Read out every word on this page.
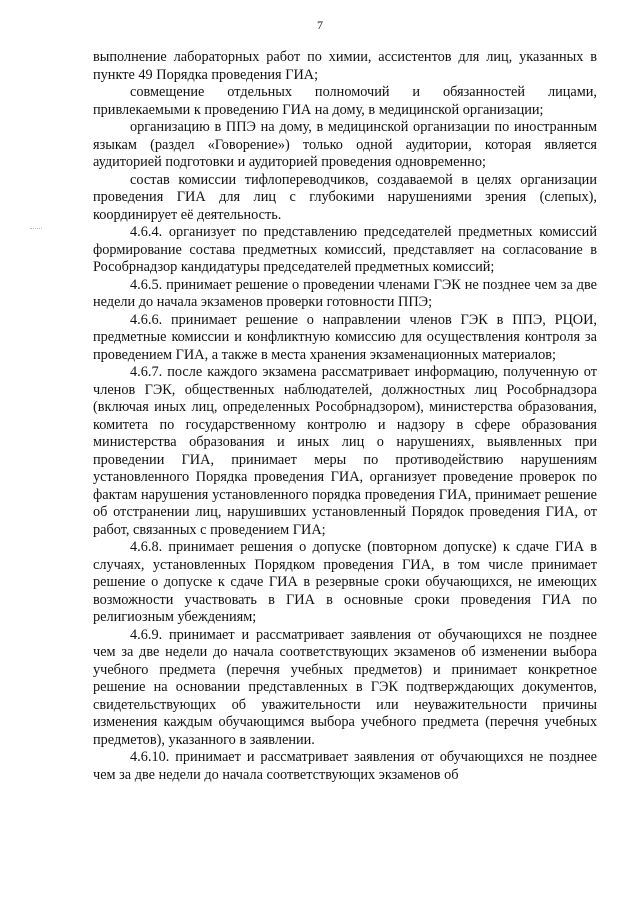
7

выполнение лабораторных работ по химии, ассистентов для лиц, указанных в пункте 49 Порядка проведения ГИА;

совмещение отдельных полномочий и обязанностей лицами, привлекаемыми к проведению ГИА на дому, в медицинской организации;

организацию в ППЭ на дому, в медицинской организации по иностранным языкам (раздел «Говорение») только одной аудитории, которая является аудиторией подготовки и аудиторией проведения одновременно;

состав комиссии тифлопереводчиков, создаваемой в целях организации проведения ГИА для лиц с глубокими нарушениями зрения (слепых), координирует её деятельность.

4.6.4. организует по представлению председателей предметных комиссий формирование состава предметных комиссий, представляет на согласование в Рособрнадзор кандидатуры председателей предметных комиссий;

4.6.5. принимает решение о проведении членами ГЭК не позднее чем за две недели до начала экзаменов проверки готовности ППЭ;

4.6.6. принимает решение о направлении членов ГЭК в ППЭ, РЦОИ, предметные комиссии и конфликтную комиссию для осуществления контроля за проведением ГИА, а также в места хранения экзаменационных материалов;

4.6.7. после каждого экзамена рассматривает информацию, полученную от членов ГЭК, общественных наблюдателей, должностных лиц Рособрнадзора (включая иных лиц, определенных Рособрнадзором), министерства образования, комитета по государственному контролю и надзору в сфере образования министерства образования и иных лиц о нарушениях, выявленных при проведении ГИА, принимает меры по противодействию нарушениям установленного Порядка проведения ГИА, организует проведение проверок по фактам нарушения установленного порядка проведения ГИА, принимает решение об отстранении лиц, нарушивших установленный Порядок проведения ГИА, от работ, связанных с проведением ГИА;

4.6.8. принимает решения о допуске (повторном допуске) к сдаче ГИА в случаях, установленных Порядком проведения ГИА, в том числе принимает решение о допуске к сдаче ГИА в резервные сроки обучающихся, не имеющих возможности участвовать в ГИА в основные сроки проведения ГИА по религиозным убеждениям;

4.6.9. принимает и рассматривает заявления от обучающихся не позднее чем за две недели до начала соответствующих экзаменов об изменении выбора учебного предмета (перечня учебных предметов) и принимает конкретное решение на основании представленных в ГЭК подтверждающих документов, свидетельствующих об уважительности или неуважительности причины изменения каждым обучающимся выбора учебного предмета (перечня учебных предметов), указанного в заявлении.

4.6.10. принимает и рассматривает заявления от обучающихся не позднее чем за две недели до начала соответствующих экзаменов об
